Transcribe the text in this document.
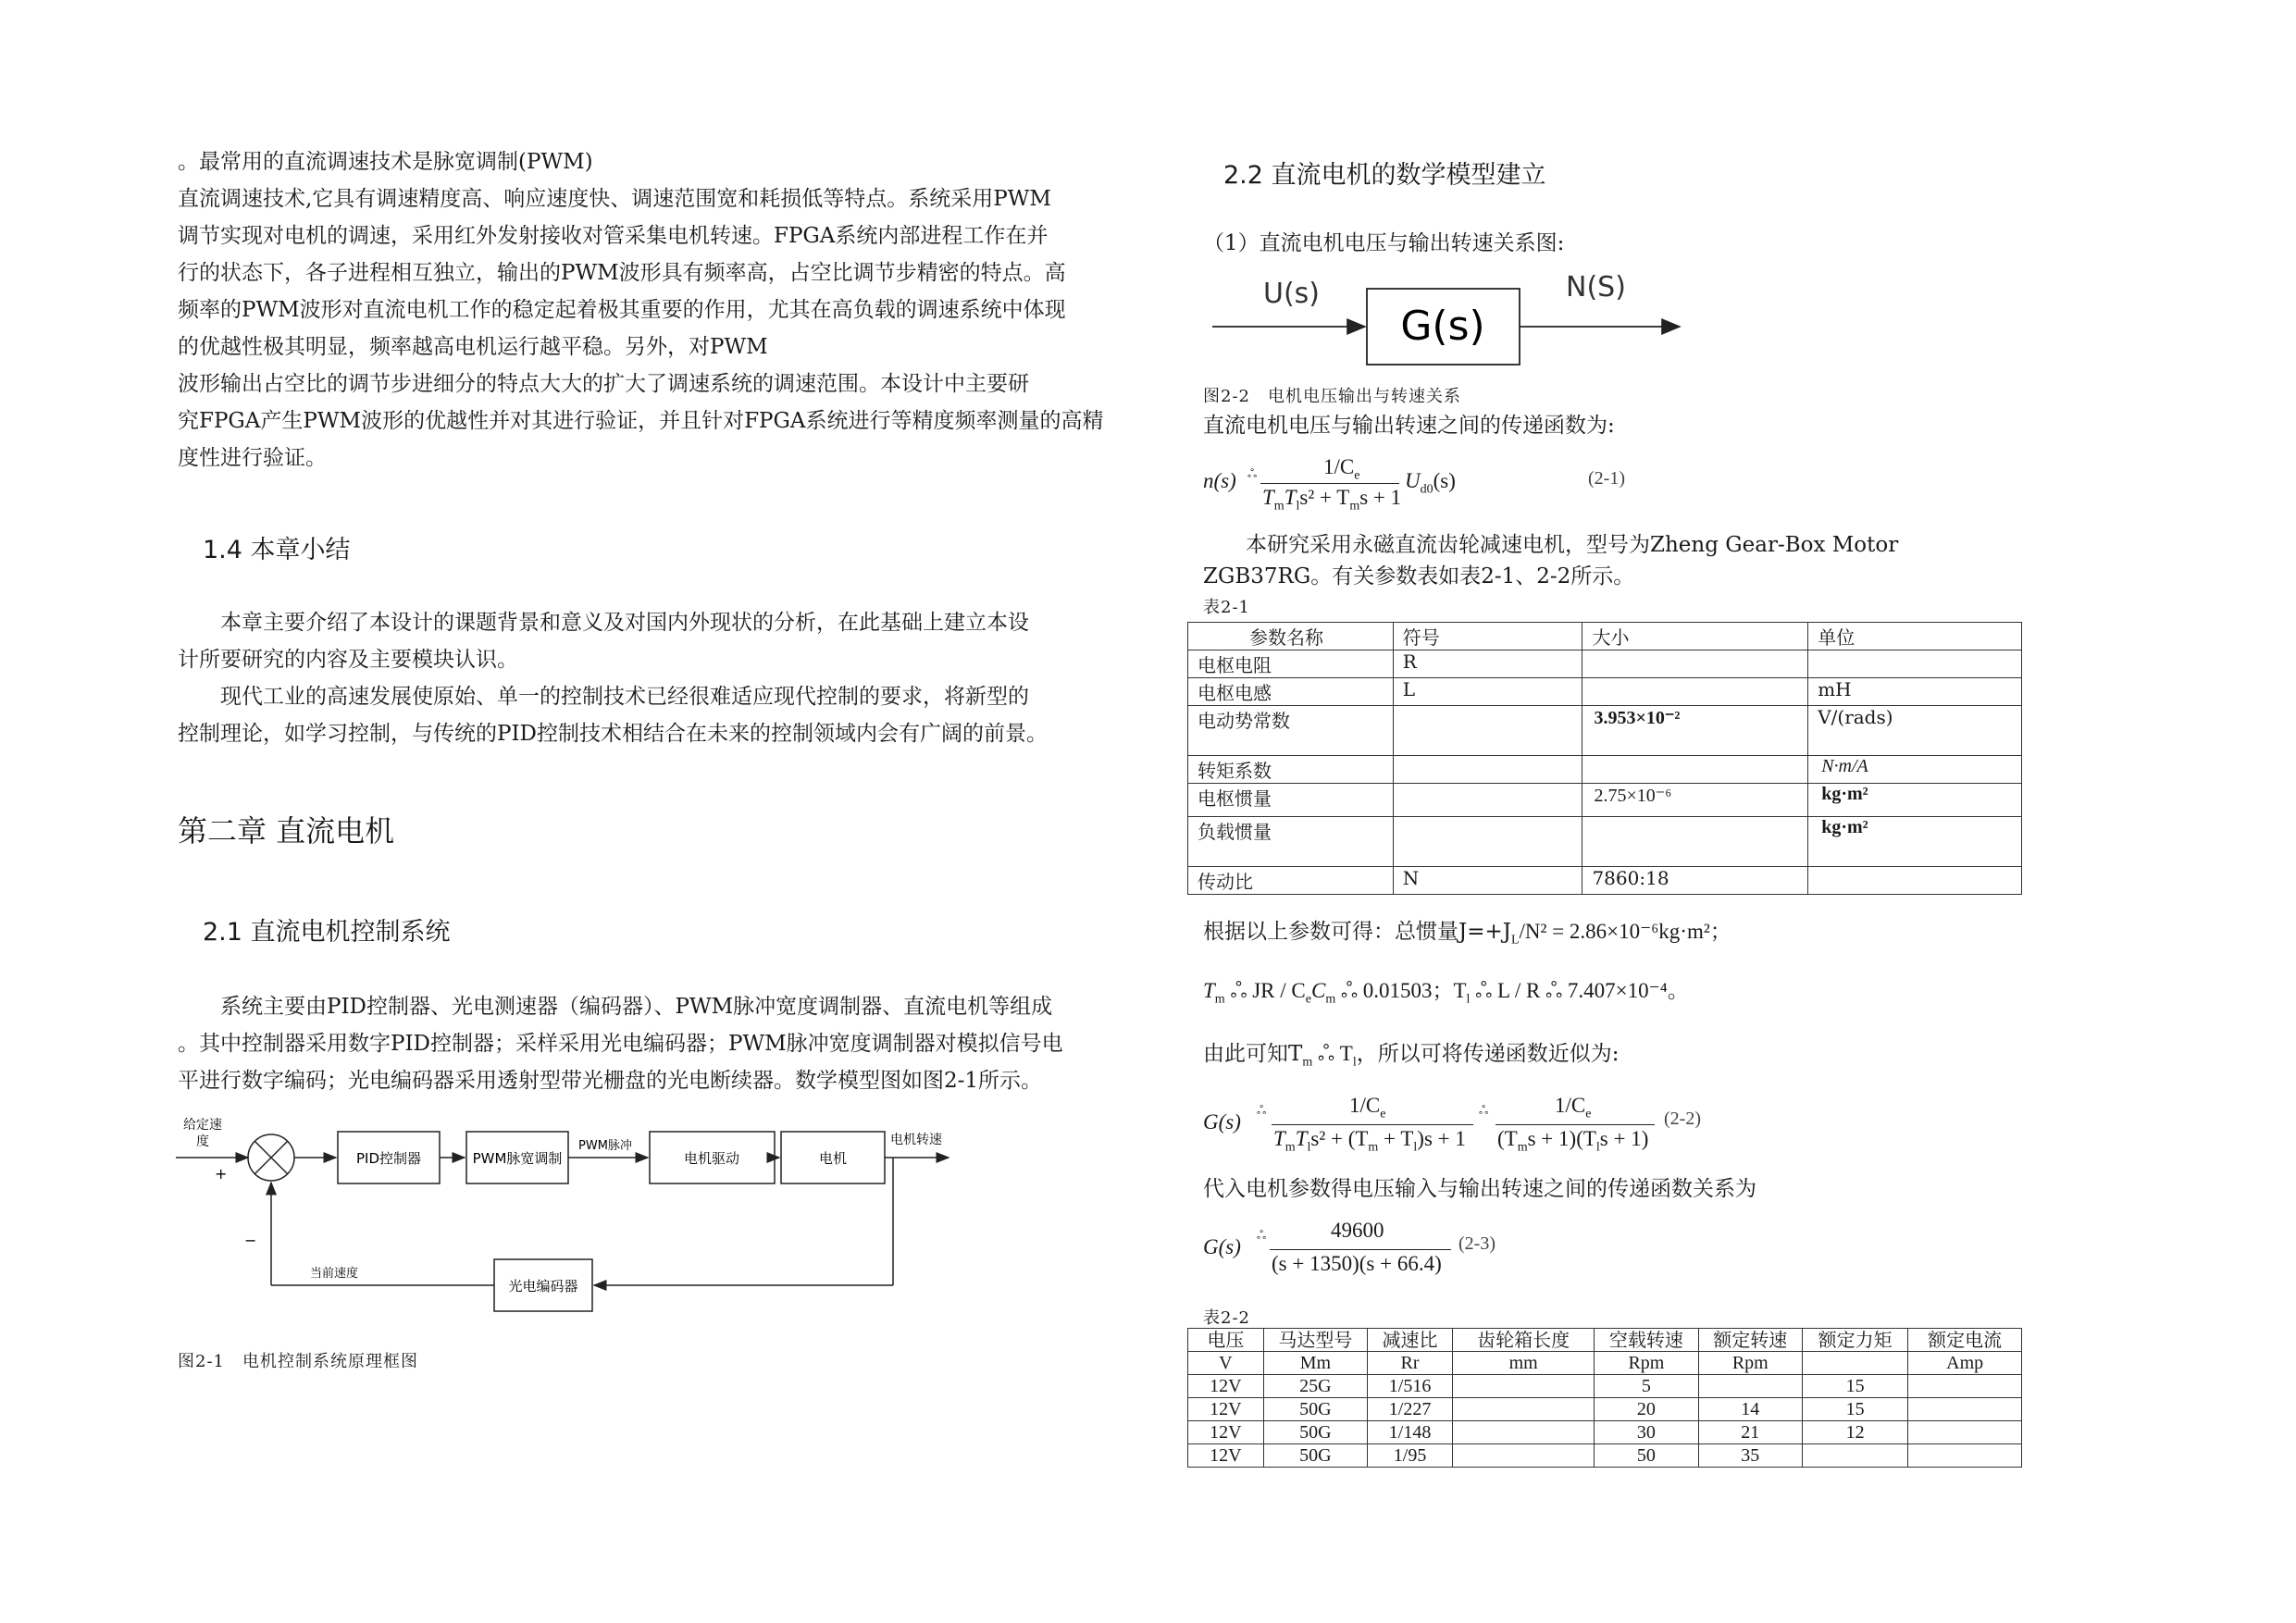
。最常用的直流调速技术是脉宽调制(PWM)

直流调速技术,它具有调速精度高、响应速度快、调速范围宽和耗损低等特点。系统采用PWM

调节实现对电机的调速，采用红外发射接收对管采集电机转速。FPGA系统内部进程工作在并

行的状态下，各子进程相互独立，输出的PWM波形具有频率高，占空比调节步精密的特点。高

频率的PWM波形对直流电机工作的稳定起着极其重要的作用，尤其在高负载的调速系统中体现

的优越性极其明显，频率越高电机运行越平稳。另外，对PWM

波形输出占空比的调节步进细分的特点大大的扩大了调速系统的调速范围。本设计中主要研

究FPGA产生PWM波形的优越性并对其进行验证，并且针对FPGA系统进行等精度频率测量的高精

度性进行验证。

1.4 本章小结

本章主要介绍了本设计的课题背景和意义及对国内外现状的分析，在此基础上建立本设

计所要研究的内容及主要模块认识。

现代工业的高速发展使原始、单一的控制技术已经很难适应现代控制的要求，将新型的

控制理论，如学习控制，与传统的PID控制技术相结合在未来的控制领域内会有广阔的前景。

第二章 直流电机
2.1 直流电机控制系统

系统主要由PID控制器、光电测速器（编码器）、PWM脉冲宽度调制器、直流电机等组成

。其中控制器采用数字PID控制器；采样采用光电编码器；PWM脉冲宽度调制器对模拟信号电

平进行数字编码；光电编码器采用透射型带光栅盘的光电断续器。数学模型图如图2-1所示。

给定速
度
+
PID控制器	PWM脉宽调制
PWM脉冲
电机驱动	电机
电机转速
光电编码器
当前速度
−
图2-1　电机控制系统原理框图
2.2 直流电机的数学模型建立
（1）直流电机电压与输出转速关系图:
U(s)
G(s)
N(S)
图2-2　电机电压输出与转速关系
直流电机电压与输出转速之间的传递函数为:
n(s) ஃ	$1/C_e$
$T_mT_ls^2 + T_ms + 1$
$U_{d0}(s)$	(2-1)

本研究采用永磁直流齿轮减速电机，型号为Zheng Gear-Box Motor

ZGB37RG。有关参数表如表2-1、2-2所示。

表2-1
参数名称	符号	大小	单位
电枢电阻	R		
电枢电感	L		mH
电动势常数		3.953×10⁻²	V/(rads)
转矩系数			N·m/A
电枢惯量		2.75×10⁻⁶	kg·m²
负载惯量			kg·m²
传动比	N	7860:18	
根据以上参数可得：总惯量$J=+J_L/N^2 = 2.86\times 10^{-6}kg\cdot m^2$；
$T_m$ ஃ JR / $C_eC_m$ ஃ 0.01503；$T_l$ ஃ L / R ஃ 7.407×10⁻⁴。
由此可知$T_m$ ஃ $T_l$，所以可将传递函数近似为:
G(s)
ஃ	$1/C_e$
$T_mT_ls^2 + (T_m + T_l)s + 1$
ஃ	$1/C_e$
$(T_ms + 1)(T_ls + 1)$
(2-2)
代入电机参数得电压输入与输出转速之间的传递函数关系为
G(s)
ஃ	49600
(s + 1350)(s + 66.4)
(2-3)
表2-2
电压	马达型号	减速比	齿轮箱长度	空载转速	额定转速	额定力矩	额定电流
V	Mm	Rr	mm	Rpm	Rpm		Amp
12V	25G	1/516		5		15	
12V	50G	1/227		20	14	15	
12V	50G	1/148		30	21	12	
12V	50G	1/95		50	35		
